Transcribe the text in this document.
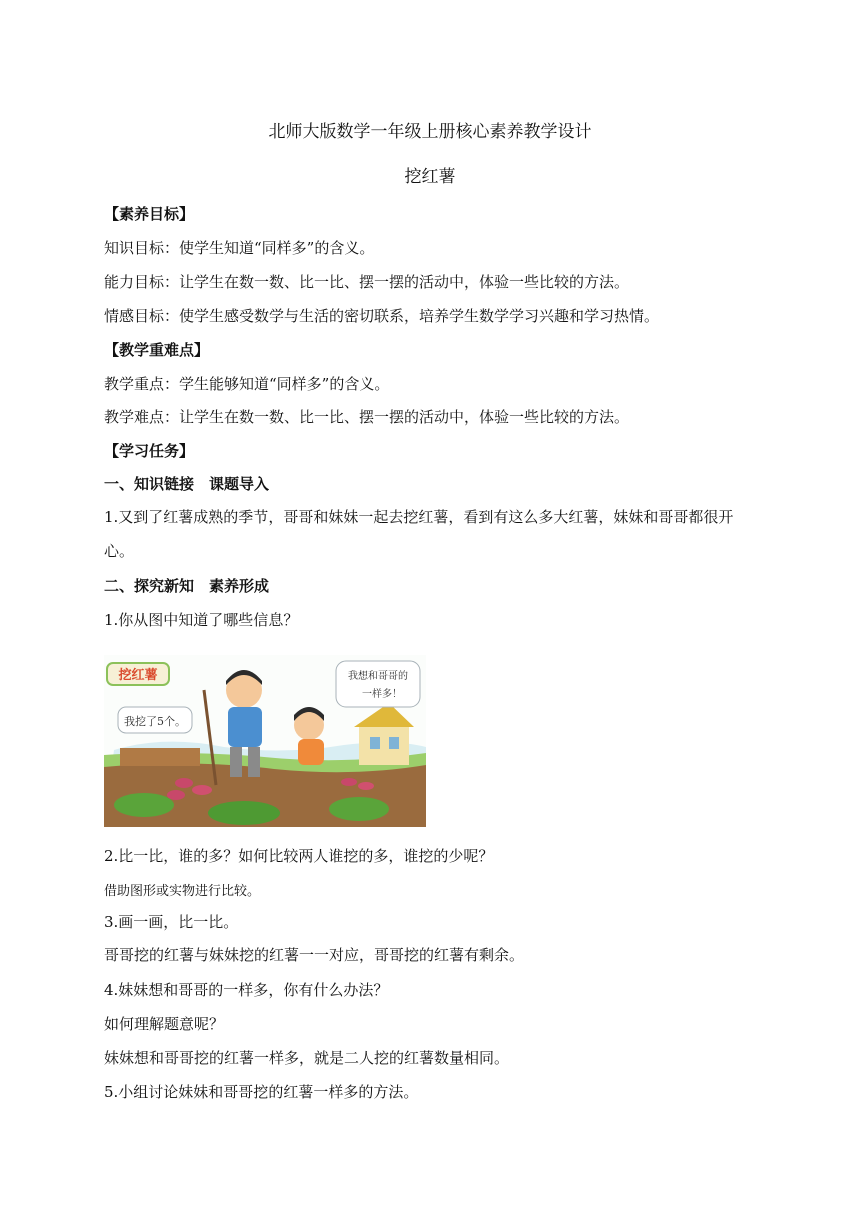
北师大版数学一年级上册核心素养教学设计
挖红薯
【素养目标】
知识目标：使学生知道“同样多”的含义。
能力目标：让学生在数一数、比一比、摆一摆的活动中，体验一些比较的方法。
情感目标：使学生感受数学与生活的密切联系，培养学生数学学习兴趣和学习热情。
【教学重难点】
教学重点：学生能够知道“同样多”的含义。
教学难点：让学生在数一数、比一比、摆一摆的活动中，体验一些比较的方法。
【学习任务】
一、知识链接　课题导入
1.又到了红薯成熟的季节，哥哥和妹妹一起去挖红薯，看到有这么多大红薯，妹妹和哥哥都很开心。
二、探究新知　素养形成
1.你从图中知道了哪些信息？
挖红薯
我挖了5个。
我想和哥哥的
一样多！
2.比一比，谁的多？如何比较两人谁挖的多，谁挖的少呢？
借助图形或实物进行比较。
3.画一画，比一比。
哥哥挖的红薯与妹妹挖的红薯一一对应，哥哥挖的红薯有剩余。
4.妹妹想和哥哥的一样多，你有什么办法？
如何理解题意呢？
妹妹想和哥哥挖的红薯一样多，就是二人挖的红薯数量相同。
5.小组讨论妹妹和哥哥挖的红薯一样多的方法。
